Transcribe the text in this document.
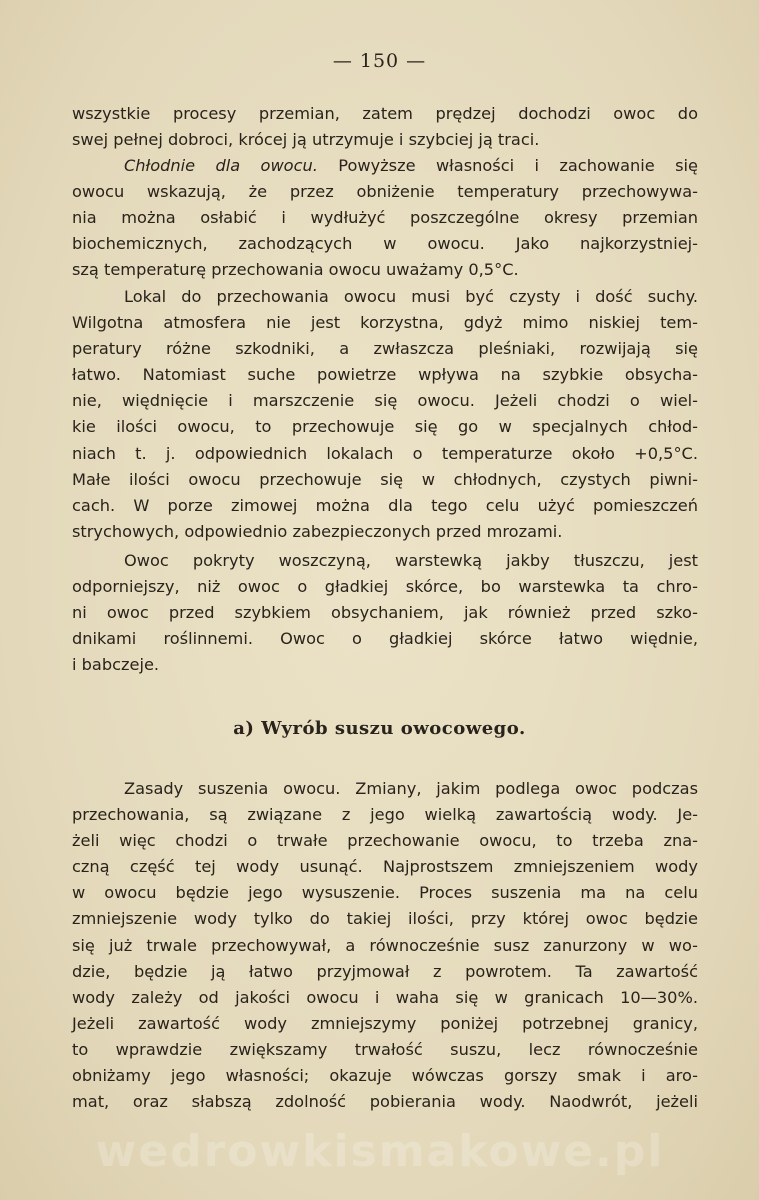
— 150 —
wszystkie procesy przemian, zatem prędzej dochodzi owoc do
swej pełnej dobroci, krócej ją utrzymuje i szybciej ją traci.
Chłodnie dla owocu. Powyższe własności i zachowanie się
owocu wskazują, że przez obniżenie temperatury przechowywa-
nia można osłabić i wydłużyć poszczególne okresy przemian
biochemicznych, zachodzących w owocu. Jako najkorzystniej-
szą temperaturę przechowania owocu uważamy 0,5°C.
Lokal do przechowania owocu musi być czysty i dość suchy.
Wilgotna atmosfera nie jest korzystna, gdyż mimo niskiej tem-
peratury różne szkodniki, a zwłaszcza pleśniaki, rozwijają się
łatwo. Natomiast suche powietrze wpływa na szybkie obsycha-
nie, więdnięcie i marszczenie się owocu. Jeżeli chodzi o wiel-
kie ilości owocu, to przechowuje się go w specjalnych chłod-
niach t. j. odpowiednich lokalach o temperaturze około +0,5°C.
Małe ilości owocu przechowuje się w chłodnych, czystych piwni-
cach. W porze zimowej można dla tego celu użyć pomieszczeń
strychowych, odpowiednio zabezpieczonych przed mrozami.
Owoc pokryty woszczyną, warstewką jakby tłuszczu, jest
odporniejszy, niż owoc o gładkiej skórce, bo warstewka ta chro-
ni owoc przed szybkiem obsychaniem, jak również przed szko-
dnikami roślinnemi. Owoc o gładkiej skórce łatwo więdnie,
i babczeje.
a) Wyrób suszu owocowego.
Zasady suszenia owocu. Zmiany, jakim podlega owoc podczas
przechowania, są związane z jego wielką zawartością wody. Je-
żeli więc chodzi o trwałe przechowanie owocu, to trzeba zna-
czną część tej wody usunąć. Najprostszem zmniejszeniem wody
w owocu będzie jego wysuszenie. Proces suszenia ma na celu
zmniejszenie wody tylko do takiej ilości, przy której owoc będzie
się już trwale przechowywał, a równocześnie susz zanurzony w wo-
dzie, będzie ją łatwo przyjmował z powrotem. Ta zawartość
wody zależy od jakości owocu i waha się w granicach 10—30%.
Jeżeli zawartość wody zmniejszymy poniżej potrzebnej granicy,
to wprawdzie zwiększamy trwałość suszu, lecz równocześnie
obniżamy jego własności; okazuje wówczas gorszy smak i aro-
mat, oraz słabszą zdolność pobierania wody. Naodwrót, jeżeli
wedrowkismakowe.pl
